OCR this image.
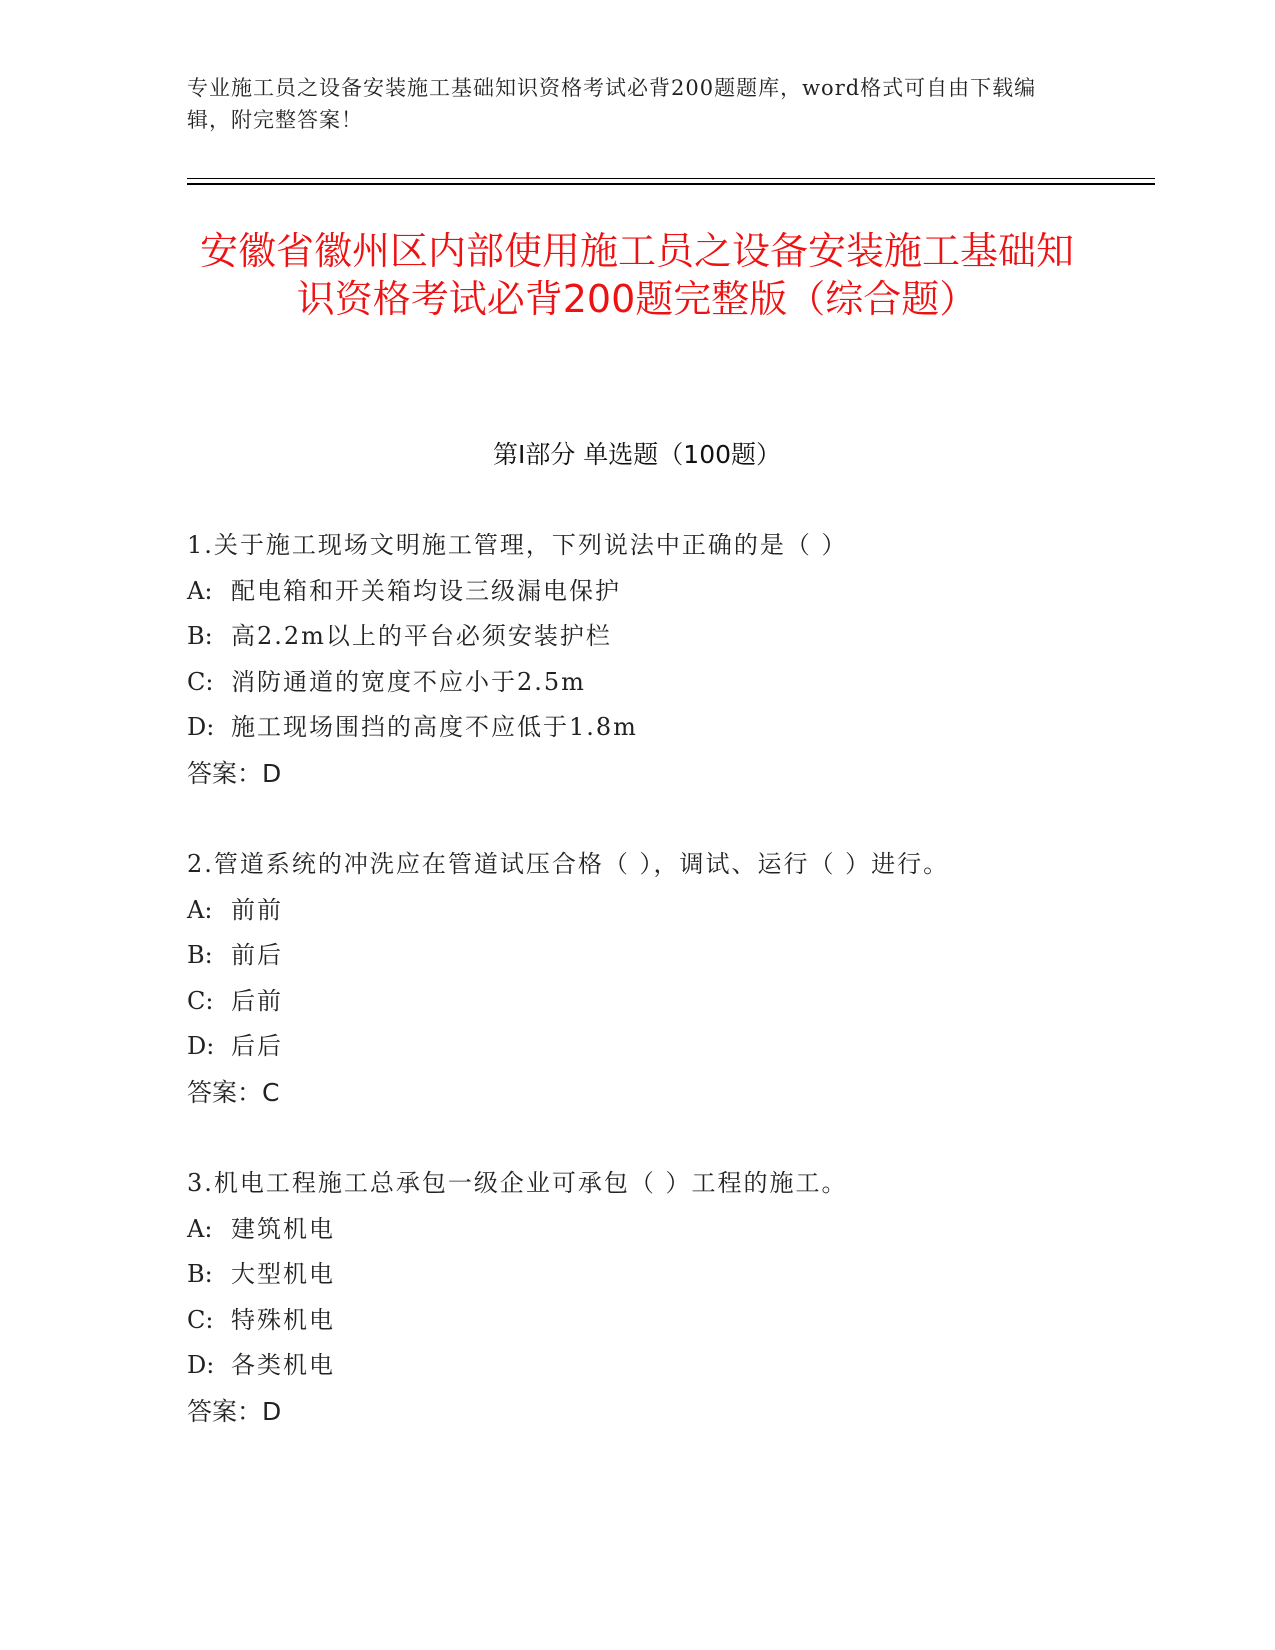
专业施工员之设备安装施工基础知识资格考试必背200题题库，word格式可自由下载编辑，附完整答案！
安徽省徽州区内部使用施工员之设备安装施工基础知识资格考试必背200题完整版（综合题）
第Ⅰ部分 单选题（100题）
1.关于施工现场文明施工管理，下列说法中正确的是（ ）
A: 配电箱和开关箱均设三级漏电保护
B: 高2.2m以上的平台必须安装护栏
C: 消防通道的宽度不应小于2.5m
D: 施工现场围挡的高度不应低于1.8m
答案：D
2.管道系统的冲洗应在管道试压合格（ ），调试、运行（ ）进行。
A: 前前
B: 前后
C: 后前
D: 后后
答案：C
3.机电工程施工总承包一级企业可承包（ ）工程的施工。
A: 建筑机电
B: 大型机电
C: 特殊机电
D: 各类机电
答案：D
